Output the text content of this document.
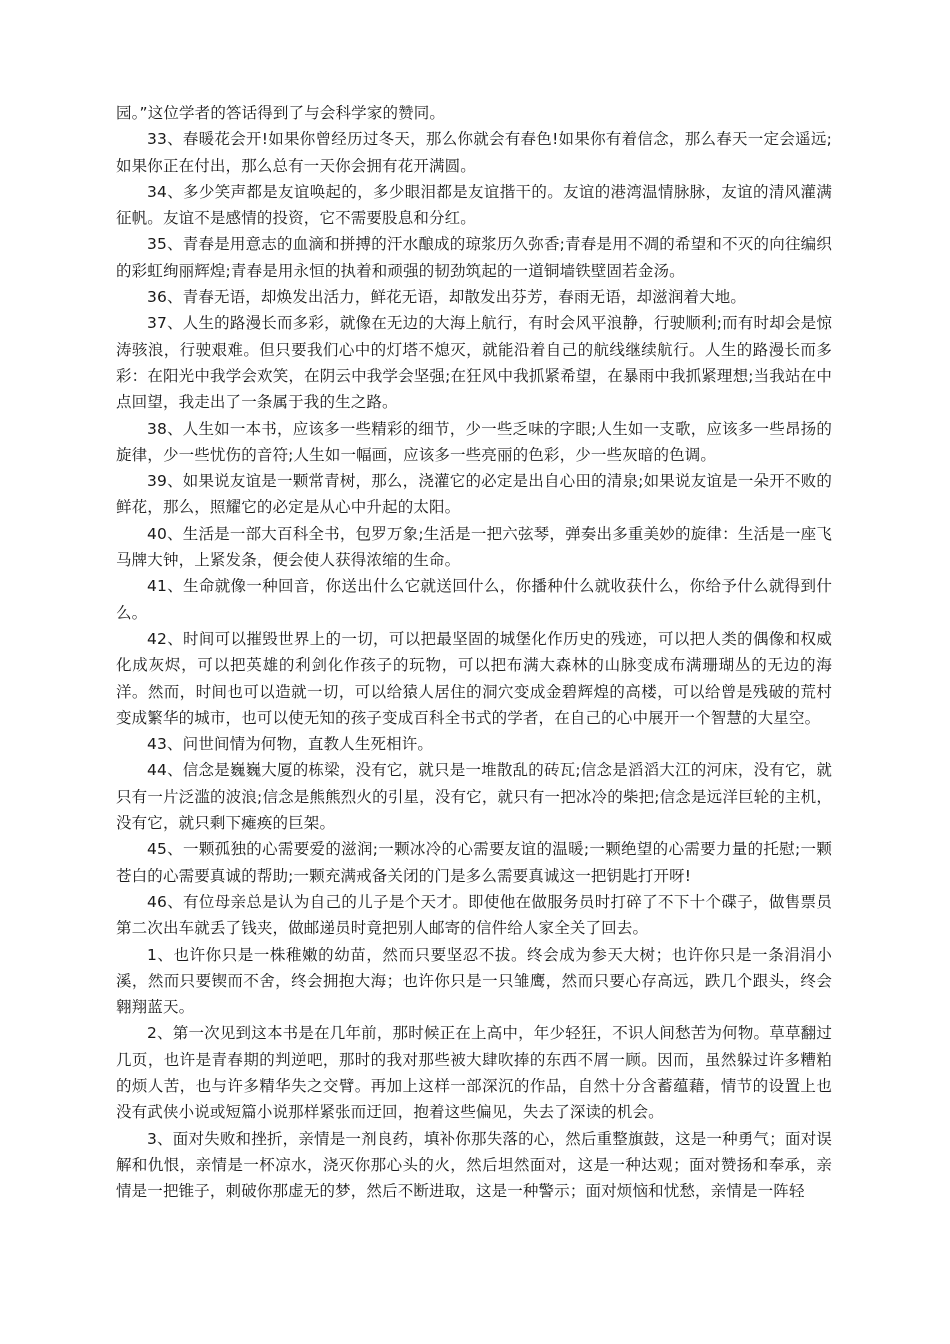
园。”这位学者的答话得到了与会科学家的赞同。

33、春暖花会开!如果你曾经历过冬天，那么你就会有春色!如果你有着信念，那么春天一定会遥远;如果你正在付出，那么总有一天你会拥有花开满圆。

34、多少笑声都是友谊唤起的，多少眼泪都是友谊揩干的。友谊的港湾温情脉脉，友谊的清风灌满征帆。友谊不是感情的投资，它不需要股息和分红。

35、青春是用意志的血滴和拼搏的汗水酿成的琼浆历久弥香;青春是用不凋的希望和不灭的向往编织的彩虹绚丽辉煌;青春是用永恒的执着和顽强的韧劲筑起的一道铜墙铁壁固若金汤。

36、青春无语，却焕发出活力，鲜花无语，却散发出芬芳，春雨无语，却滋润着大地。

37、人生的路漫长而多彩，就像在无边的大海上航行，有时会风平浪静，行驶顺利;而有时却会是惊涛骇浪，行驶艰难。但只要我们心中的灯塔不熄灭，就能沿着自己的航线继续航行。人生的路漫长而多彩：在阳光中我学会欢笑，在阴云中我学会坚强;在狂风中我抓紧希望，在暴雨中我抓紧理想;当我站在中点回望，我走出了一条属于我的生之路。

38、人生如一本书，应该多一些精彩的细节，少一些乏味的字眼;人生如一支歌，应该多一些昂扬的旋律，少一些忧伤的音符;人生如一幅画，应该多一些亮丽的色彩，少一些灰暗的色调。

39、如果说友谊是一颗常青树，那么，浇灌它的必定是出自心田的清泉;如果说友谊是一朵开不败的鲜花，那么，照耀它的必定是从心中升起的太阳。

40、生活是一部大百科全书，包罗万象;生活是一把六弦琴，弹奏出多重美妙的旋律：生活是一座飞马牌大钟，上紧发条，便会使人获得浓缩的生命。

41、生命就像一种回音，你送出什么它就送回什么，你播种什么就收获什么，你给予什么就得到什么。

42、时间可以摧毁世界上的一切，可以把最坚固的城堡化作历史的残迹，可以把人类的偶像和权威化成灰烬，可以把英雄的利剑化作孩子的玩物，可以把布满大森林的山脉变成布满珊瑚丛的无边的海洋。然而，时间也可以造就一切，可以给猿人居住的洞穴变成金碧辉煌的高楼，可以给曾是残破的荒村变成繁华的城市，也可以使无知的孩子变成百科全书式的学者，在自己的心中展开一个智慧的大星空。

43、问世间情为何物，直教人生死相许。

44、信念是巍巍大厦的栋梁，没有它，就只是一堆散乱的砖瓦;信念是滔滔大江的河床，没有它，就只有一片泛滥的波浪;信念是熊熊烈火的引星，没有它，就只有一把冰冷的柴把;信念是远洋巨轮的主机，没有它，就只剩下瘫痪的巨架。

45、一颗孤独的心需要爱的滋润;一颗冰冷的心需要友谊的温暖;一颗绝望的心需要力量的托慰;一颗苍白的心需要真诚的帮助;一颗充满戒备关闭的门是多么需要真诚这一把钥匙打开呀!

46、有位母亲总是认为自己的儿子是个天才。即使他在做服务员时打碎了不下十个碟子，做售票员第二次出车就丢了钱夹，做邮递员时竟把别人邮寄的信件给人家全关了回去。

1、也许你只是一株稚嫩的幼苗，然而只要坚忍不拔。终会成为参天大树；也许你只是一条涓涓小溪，然而只要锲而不舍，终会拥抱大海；也许你只是一只雏鹰，然而只要心存高远，跌几个跟头，终会翱翔蓝天。

2、第一次见到这本书是在几年前，那时候正在上高中，年少轻狂，不识人间愁苦为何物。草草翻过几页，也许是青春期的判逆吧，那时的我对那些被大肆吹捧的东西不屑一顾。因而，虽然躲过许多糟粕的烦人苦，也与许多精华失之交臂。再加上这样一部深沉的作品，自然十分含蓄蕴藉，情节的设置上也没有武侠小说或短篇小说那样紧张而迂回，抱着这些偏见，失去了深读的机会。

3、面对失败和挫折，亲情是一剂良药，填补你那失落的心，然后重整旗鼓，这是一种勇气；面对误解和仇恨，亲情是一杯凉水，浇灭你那心头的火，然后坦然面对，这是一种达观；面对赞扬和奉承，亲情是一把锥子，刺破你那虚无的梦，然后不断进取，这是一种警示；面对烦恼和忧愁，亲情是一阵轻
